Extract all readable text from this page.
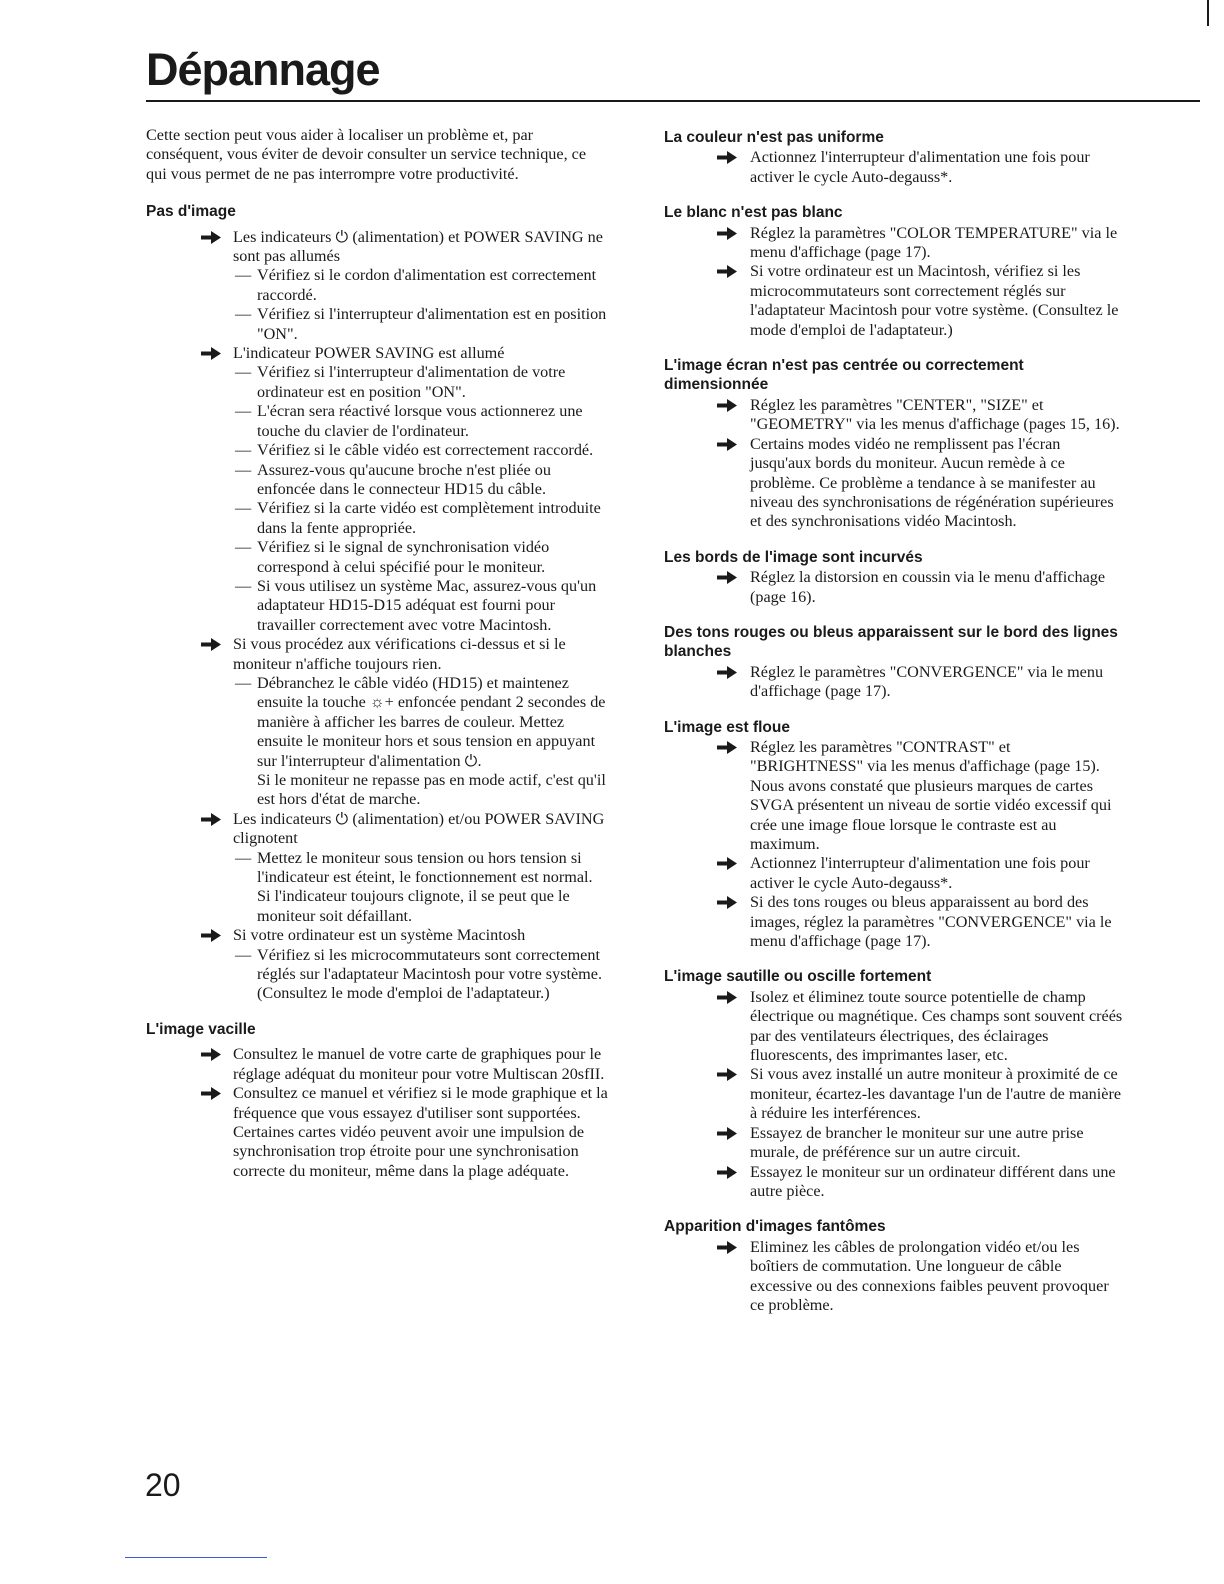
Dépannage

Cette section peut vous aider à localiser un problème et, par conséquent, vous éviter de devoir consulter un service technique, ce qui vous permet de ne pas interrompre votre productivité.

Pas d'image

Les indicateurs ⏻ (alimentation) et POWER SAVING ne sont pas allumés
— Vérifiez si le cordon d'alimentation est correctement raccordé.
— Vérifiez si l'interrupteur d'alimentation est en position "ON".
L'indicateur POWER SAVING est allumé
— Vérifiez si l'interrupteur d'alimentation de votre ordinateur est en position "ON".
— L'écran sera réactivé lorsque vous actionnerez une touche du clavier de l'ordinateur.
— Vérifiez si le câble vidéo est correctement raccordé.
— Assurez-vous qu'aucune broche n'est pliée ou enfoncée dans le connecteur HD15 du câble.
— Vérifiez si la carte vidéo est complètement introduite dans la fente appropriée.
— Vérifiez si le signal de synchronisation vidéo correspond à celui spécifié pour le moniteur.
— Si vous utilisez un système Mac, assurez-vous qu'un adaptateur HD15-D15 adéquat est fourni pour travailler correctement avec votre Macintosh.
Si vous procédez aux vérifications ci-dessus et si le moniteur n'affiche toujours rien.
— Débranchez le câble vidéo (HD15) et maintenez ensuite la touche ☼+ enfoncée pendant 2 secondes de manière à afficher les barres de couleur. Mettez ensuite le moniteur hors et sous tension en appuyant sur l'interrupteur d'alimentation ⏻.
Si le moniteur ne repasse pas en mode actif, c'est qu'il est hors d'état de marche.
Les indicateurs ⏻ (alimentation) et/ou POWER SAVING clignotent
— Mettez le moniteur sous tension ou hors tension si l'indicateur est éteint, le fonctionnement est normal. Si l'indicateur toujours clignote, il se peut que le moniteur soit défaillant.
Si votre ordinateur est un système Macintosh
— Vérifiez si les microcommutateurs sont correctement réglés sur l'adaptateur Macintosh pour votre système. (Consultez le mode d'emploi de l'adaptateur.)

L'image vacille

Consultez le manuel de votre carte de graphiques pour le réglage adéquat du moniteur pour votre Multiscan 20sfII.
Consultez ce manuel et vérifiez si le mode graphique et la fréquence que vous essayez d'utiliser sont supportées. Certaines cartes vidéo peuvent avoir une impulsion de synchronisation trop étroite pour une synchronisation correcte du moniteur, même dans la plage adéquate.

La couleur n'est pas uniforme

Actionnez l'interrupteur d'alimentation une fois pour activer le cycle Auto-degauss*.

Le blanc n'est pas blanc

Réglez la paramètres "COLOR TEMPERATURE" via le menu d'affichage (page 17).
Si votre ordinateur est un Macintosh, vérifiez si les microcommutateurs sont correctement réglés sur l'adaptateur Macintosh pour votre système. (Consultez le mode d'emploi de l'adaptateur.)

L'image écran n'est pas centrée ou correctement dimensionnée

Réglez les paramètres "CENTER", "SIZE" et "GEOMETRY" via les menus d'affichage (pages 15, 16).
Certains modes vidéo ne remplissent pas l'écran jusqu'aux bords du moniteur. Aucun remède à ce problème. Ce problème a tendance à se manifester au niveau des synchronisations de régénération supérieures et des synchronisations vidéo Macintosh.

Les bords de l'image sont incurvés

Réglez la distorsion en coussin via le menu d'affichage (page 16).

Des tons rouges ou bleus apparaissent sur le bord des lignes blanches

Réglez le paramètres "CONVERGENCE" via le menu d'affichage (page 17).

L'image est floue

Réglez les paramètres "CONTRAST" et "BRIGHTNESS" via les menus d'affichage (page 15). Nous avons constaté que plusieurs marques de cartes SVGA présentent un niveau de sortie vidéo excessif qui crée une image floue lorsque le contraste est au maximum.
Actionnez l'interrupteur d'alimentation une fois pour activer le cycle Auto-degauss*.
Si des tons rouges ou bleus apparaissent au bord des images, réglez la paramètres "CONVERGENCE" via le menu d'affichage (page 17).

L'image sautille ou oscille fortement

Isolez et éliminez toute source potentielle de champ électrique ou magnétique. Ces champs sont souvent créés par des ventilateurs électriques, des éclairages fluorescents, des imprimantes laser, etc.
Si vous avez installé un autre moniteur à proximité de ce moniteur, écartez-les davantage l'un de l'autre de manière à réduire les interférences.
Essayez de brancher le moniteur sur une autre prise murale, de préférence sur un autre circuit.
Essayez le moniteur sur un ordinateur différent dans une autre pièce.

Apparition d'images fantômes

Eliminez les câbles de prolongation vidéo et/ou les boîtiers de commutation. Une longueur de câble excessive ou des connexions faibles peuvent provoquer ce problème.

20
